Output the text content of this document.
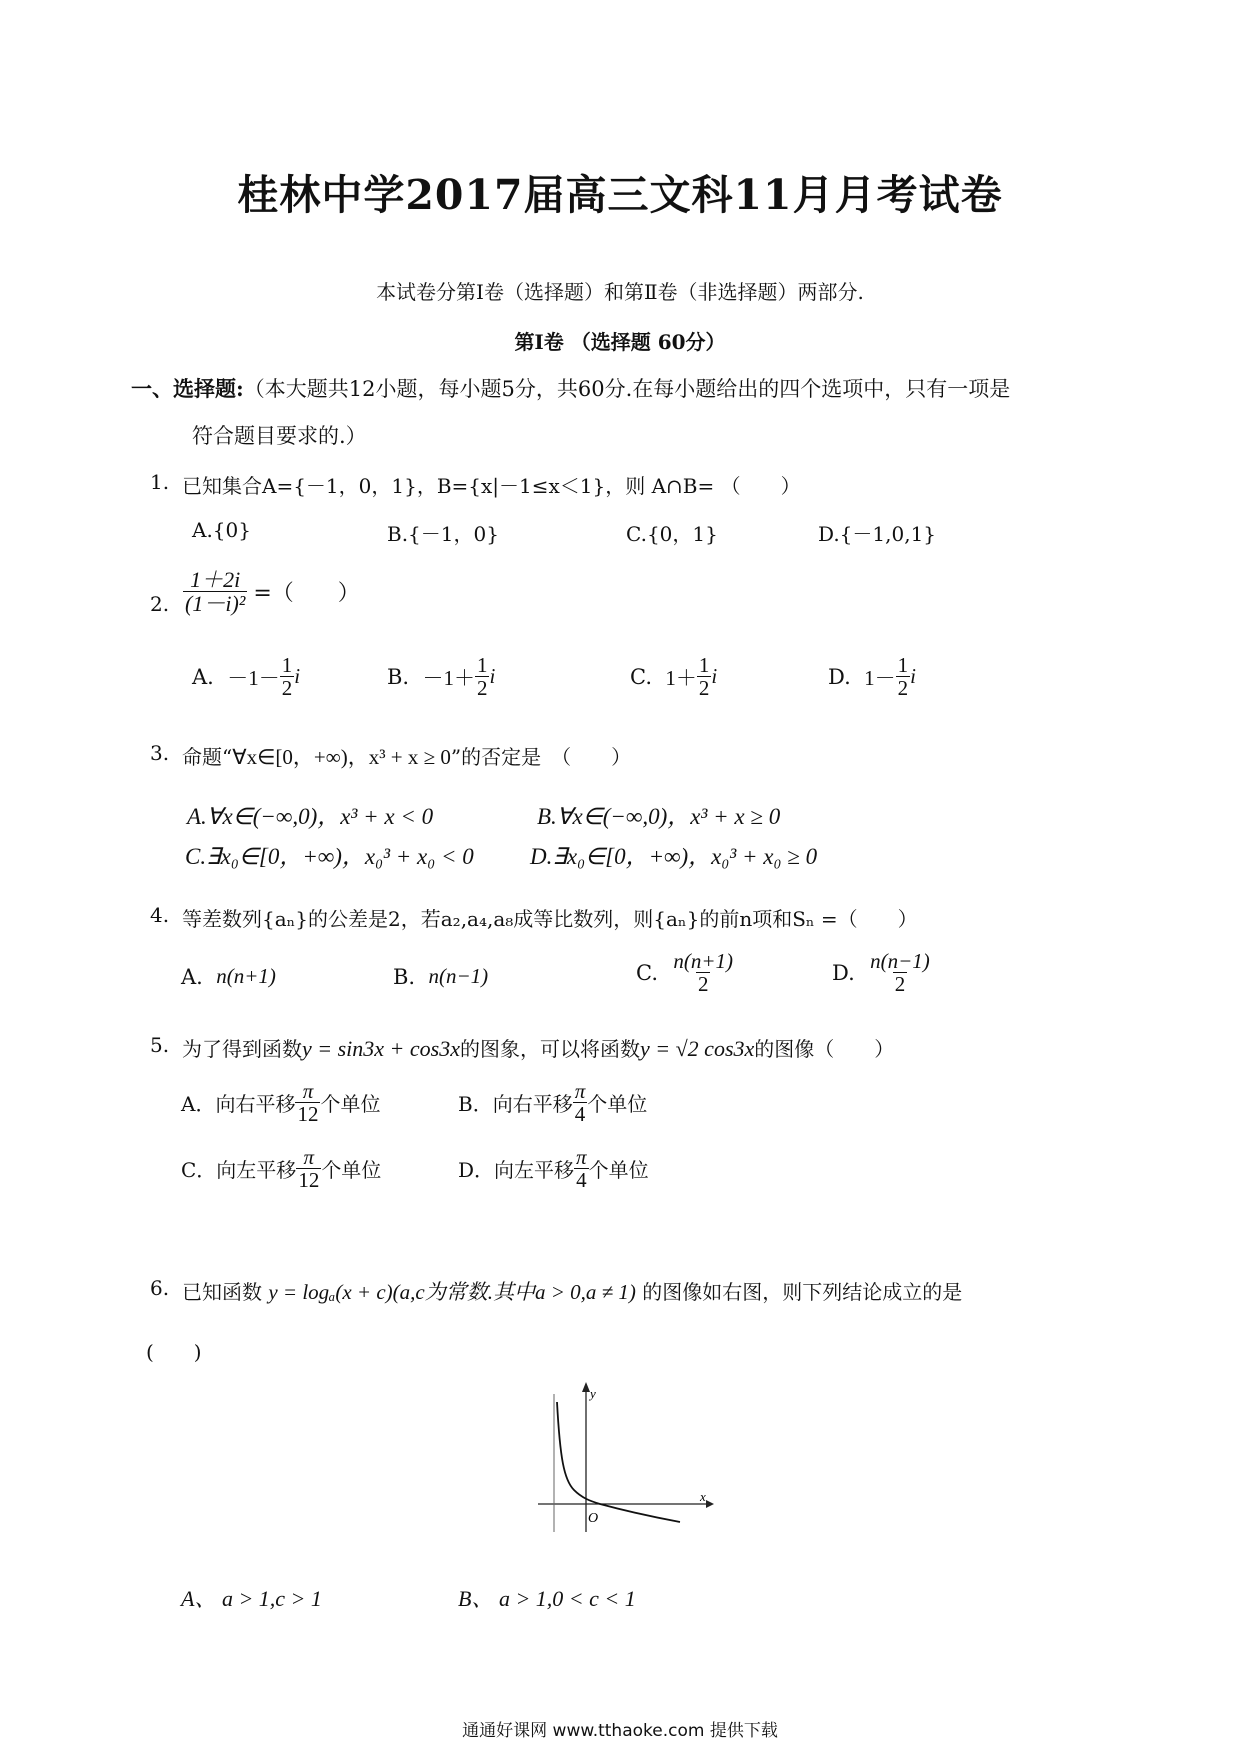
桂林中学2017届高三文科11月月考试卷
本试卷分第Ⅰ卷（选择题）和第Ⅱ卷（非选择题）两部分.
第Ⅰ卷 （选择题 60分）
一、选择题:（本大题共12小题，每小题5分，共60分.在每小题给出的四个选项中，只有一项是
符合题目要求的.）
1. 已知集合A={－1，0，1}，B={x|－1≤x＜1}，则 A∩B= （　　）
A.{0}	B.{－1，0}	C.{0，1}	D.{－1,0,1}
2. $\frac{1+2i}{\text{(1－i)²}}$ =（　　）
A.
$-1- \frac{1}{2}$ i	B.
$-1+ \frac{1}{2}$ i	C.
$1+ \frac{1}{2}$ i	D.
$1- \frac{1}{2}$ i
3. 命题“∀x∈[0，+∞)，x³ + x ≥ 0”的否定是　（　　）
A.∀x∈(−∞,0)，x³ + x < 0	B.∀x∈(−∞,0)，x³ + x ≥ 0
C.∃x₀∈[0，+∞)，x₀³ + x₀ < 0 D.∃x₀∈[0，+∞)，x₀³ + x₀ ≥ 0
4. 等差数列{aₙ}的公差是2，若a₂,a₄,a₈成等比数列，则{aₙ}的前n项和Sₙ =（　　）
A.
n(n+1)	B.
n(n−1)	C.
$\frac{n(n+1)}{2}$	D.
$\frac{n(n-1)}{2}$
5. 为了得到函数y = sin3x + cos3x的图象，可以将函数y = √2 cos3x的图像（　　）
A．向右平移 $\frac{\pi}{12}$ 个单位	B．向右平移 $\frac{\pi}{4}$ 个单位
C．向左平移 $\frac{\pi}{12}$ 个单位	D．向左平移 $\frac{\pi}{4}$ 个单位
6. 已知函数 y = logₐ(x + c)(a,c为常数.其中a > 0,a ≠ 1) 的图像如右图，则下列结论成立的是
(　　)
y
x
O
A、 a > 1,c > 1	B、 a > 1,0 < c < 1
通通好课网 www.tthaoke.com 提供下载
